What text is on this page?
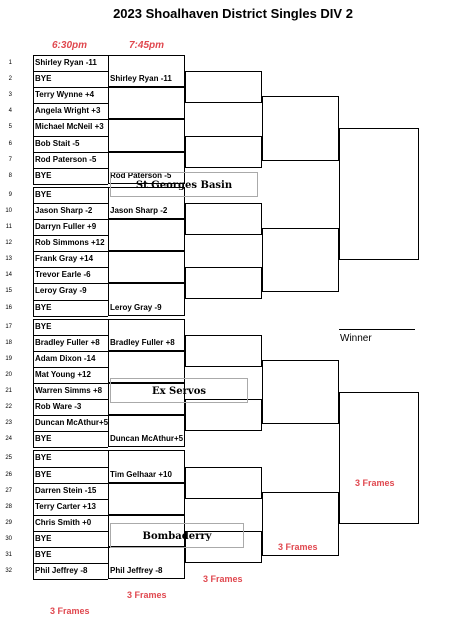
2023 Shoalhaven District Singles DIV 2
6:30pm	7:45pm
1	Shirley Ryan -11
2	BYE
3	Terry Wynne +4
4	Angela Wright +3
5	Michael McNeil +3
6	Bob Stait -5
7	Rod Paterson -5
8	BYE
9	BYE
10	Jason Sharp -2
11	Darryn Fuller +9
12	Rob Simmons +12
13	Frank Gray +14
14	Trevor Earle -6
15	Leroy Gray -9
16	BYE
17	BYE
18	Bradley Fuller +8
19	Adam Dixon -14
20	Mat Young +12
21	Warren Simms +8
22	Rob Ware -3
23	Duncan McAthur+5
24	BYE
25	BYE
26	BYE
27	Darren Stein -15
28	Terry Carter +13
29	Chris Smith +0
30	BYE
31	BYE
32	Phil Jeffrey -8
Shirley Ryan -11
Rod Paterson -5
Jason Sharp -2
Leroy Gray -9
Bradley Fuller +8
Duncan McAthur+5
Tim Gelhaar +10
Phil Jeffrey -8
St Georges Basin
Ex Servos
Bombaderry
3 Frames
3 Frames
3 Frames
3 Frames
3 Frames
Winner
